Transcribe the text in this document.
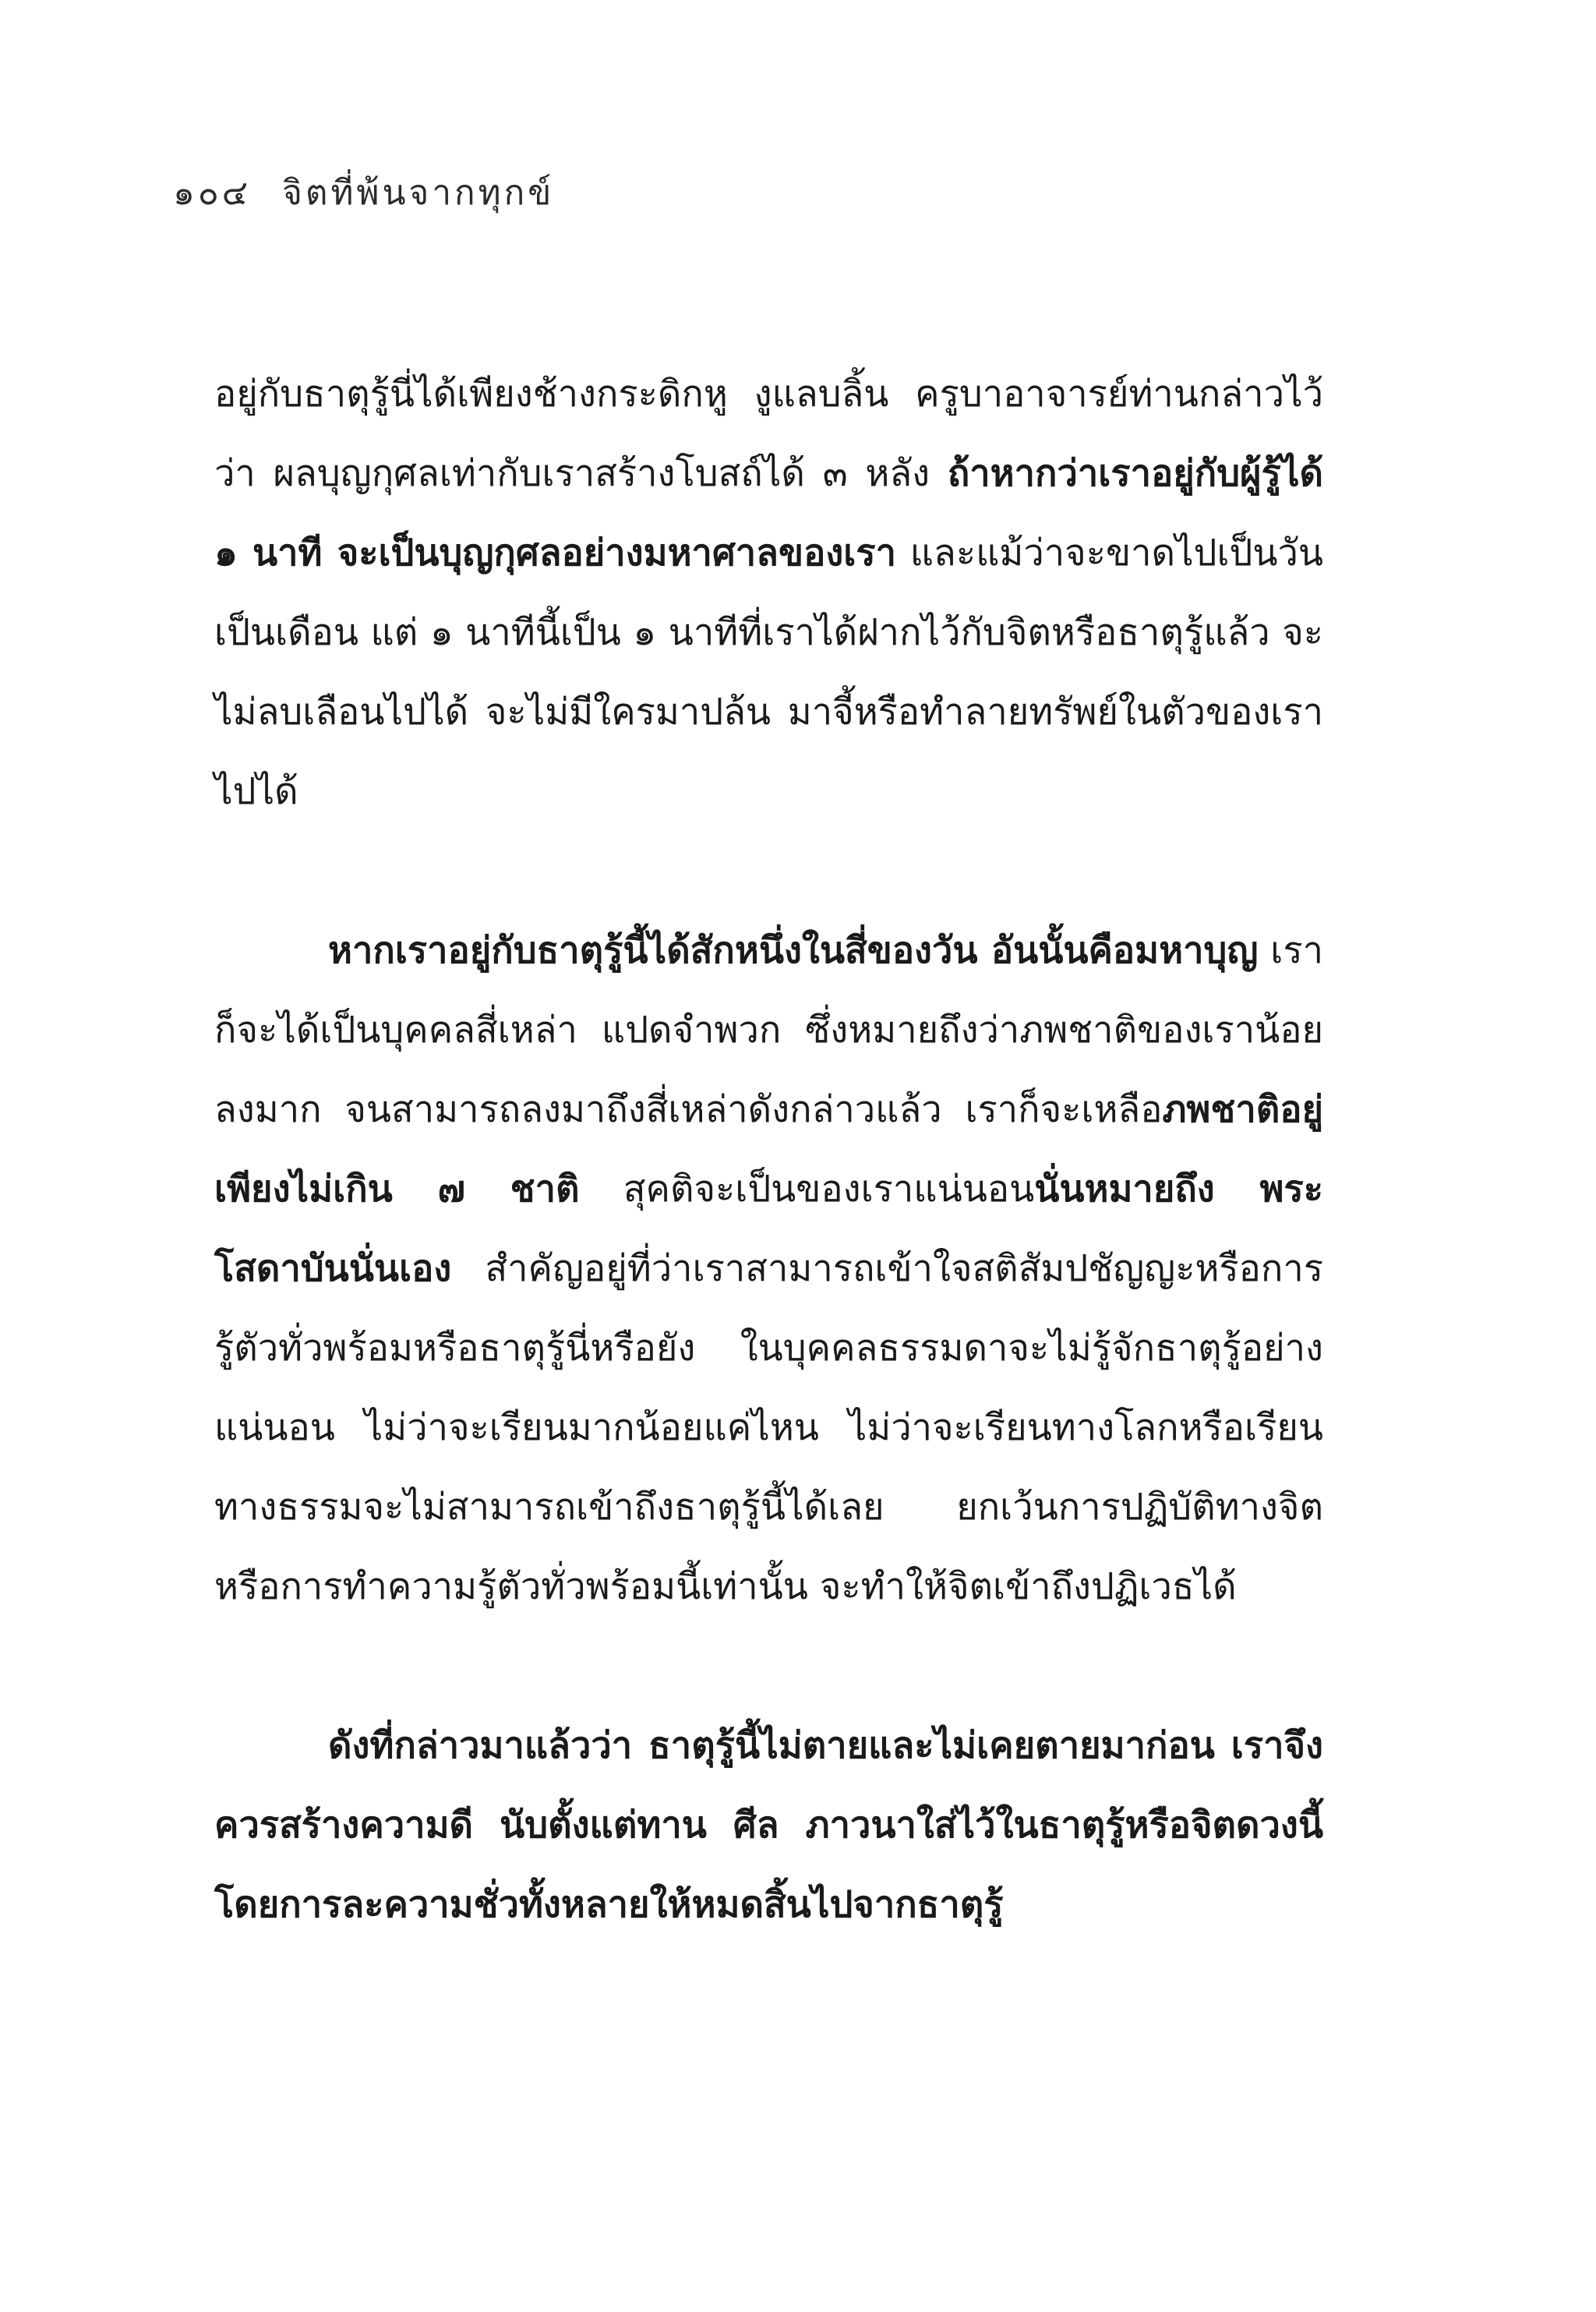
๑๐๔ จิตที่พ้นจากทุกข์

อยู่กับธาตุรู้นี่ได้เพียงช้างกระดิกหู งูแลบลิ้น ครูบาอาจารย์ท่านกล่าวไว้ว่า ผลบุญกุศลเท่ากับเราสร้างโบสถ์ได้ ๓ หลัง ถ้าหากว่าเราอยู่กับผู้รู้ได้ ๑ นาที จะเป็นบุญกุศลอย่างมหาศาลของเรา และแม้ว่าจะขาดไปเป็นวันเป็นเดือน แต่ ๑ นาทีนี้เป็น ๑ นาทีที่เราได้ฝากไว้กับจิตหรือธาตุรู้แล้ว จะไม่ลบเลือนไปได้ จะไม่มีใครมาปล้น มาจี้หรือทำลายทรัพย์ในตัวของเราไปได้

หากเราอยู่กับธาตุรู้นี้ได้สักหนึ่งในสี่ของวัน อันนั้นคือมหาบุญ เราก็จะได้เป็นบุคคลสี่เหล่า แปดจำพวก ซึ่งหมายถึงว่าภพชาติของเราน้อยลงมาก จนสามารถลงมาถึงสี่เหล่าดังกล่าวแล้ว เราก็จะเหลือภพชาติอยู่เพียงไม่เกิน ๗ ชาติ สุคติจะเป็นของเราแน่นอนนั่นหมายถึง พระโสดาบันนั่นเอง สำคัญอยู่ที่ว่าเราสามารถเข้าใจสติสัมปชัญญะหรือการรู้ตัวทั่วพร้อมหรือธาตุรู้นี่หรือยัง ในบุคคลธรรมดาจะไม่รู้จักธาตุรู้อย่างแน่นอน ไม่ว่าจะเรียนมากน้อยแค่ไหน ไม่ว่าจะเรียนทางโลกหรือเรียนทางธรรมจะไม่สามารถเข้าถึงธาตุรู้นี้ได้เลย ยกเว้นการปฏิบัติทางจิต หรือการทำความรู้ตัวทั่วพร้อมนี้เท่านั้น จะทำให้จิตเข้าถึงปฏิเวธได้

ดังที่กล่าวมาแล้วว่า ธาตุรู้นี้ไม่ตายและไม่เคยตายมาก่อน เราจึงควรสร้างความดี นับตั้งแต่ทาน ศีล ภาวนาใส่ไว้ในธาตุรู้หรือจิตดวงนี้ โดยการละความชั่วทั้งหลายให้หมดสิ้นไปจากธาตุรู้
